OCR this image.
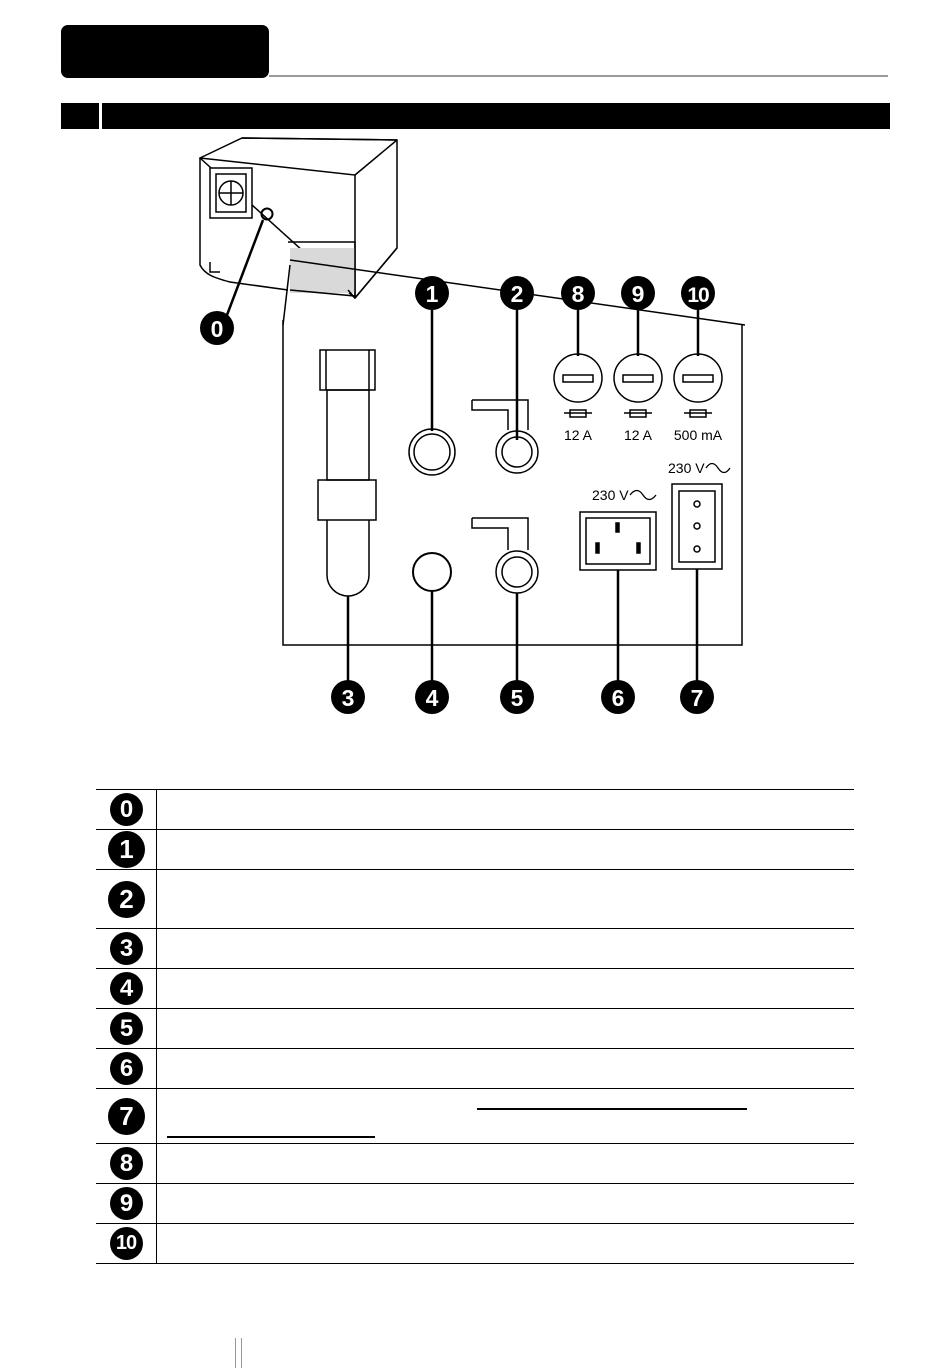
12 A 12 A 500 mA
230 V
230 V
0
1	2 8 9 10
3	4	5	6	7
0	
1	
2	
3	
4	
5	
6	
7	

8	
9	
10	
